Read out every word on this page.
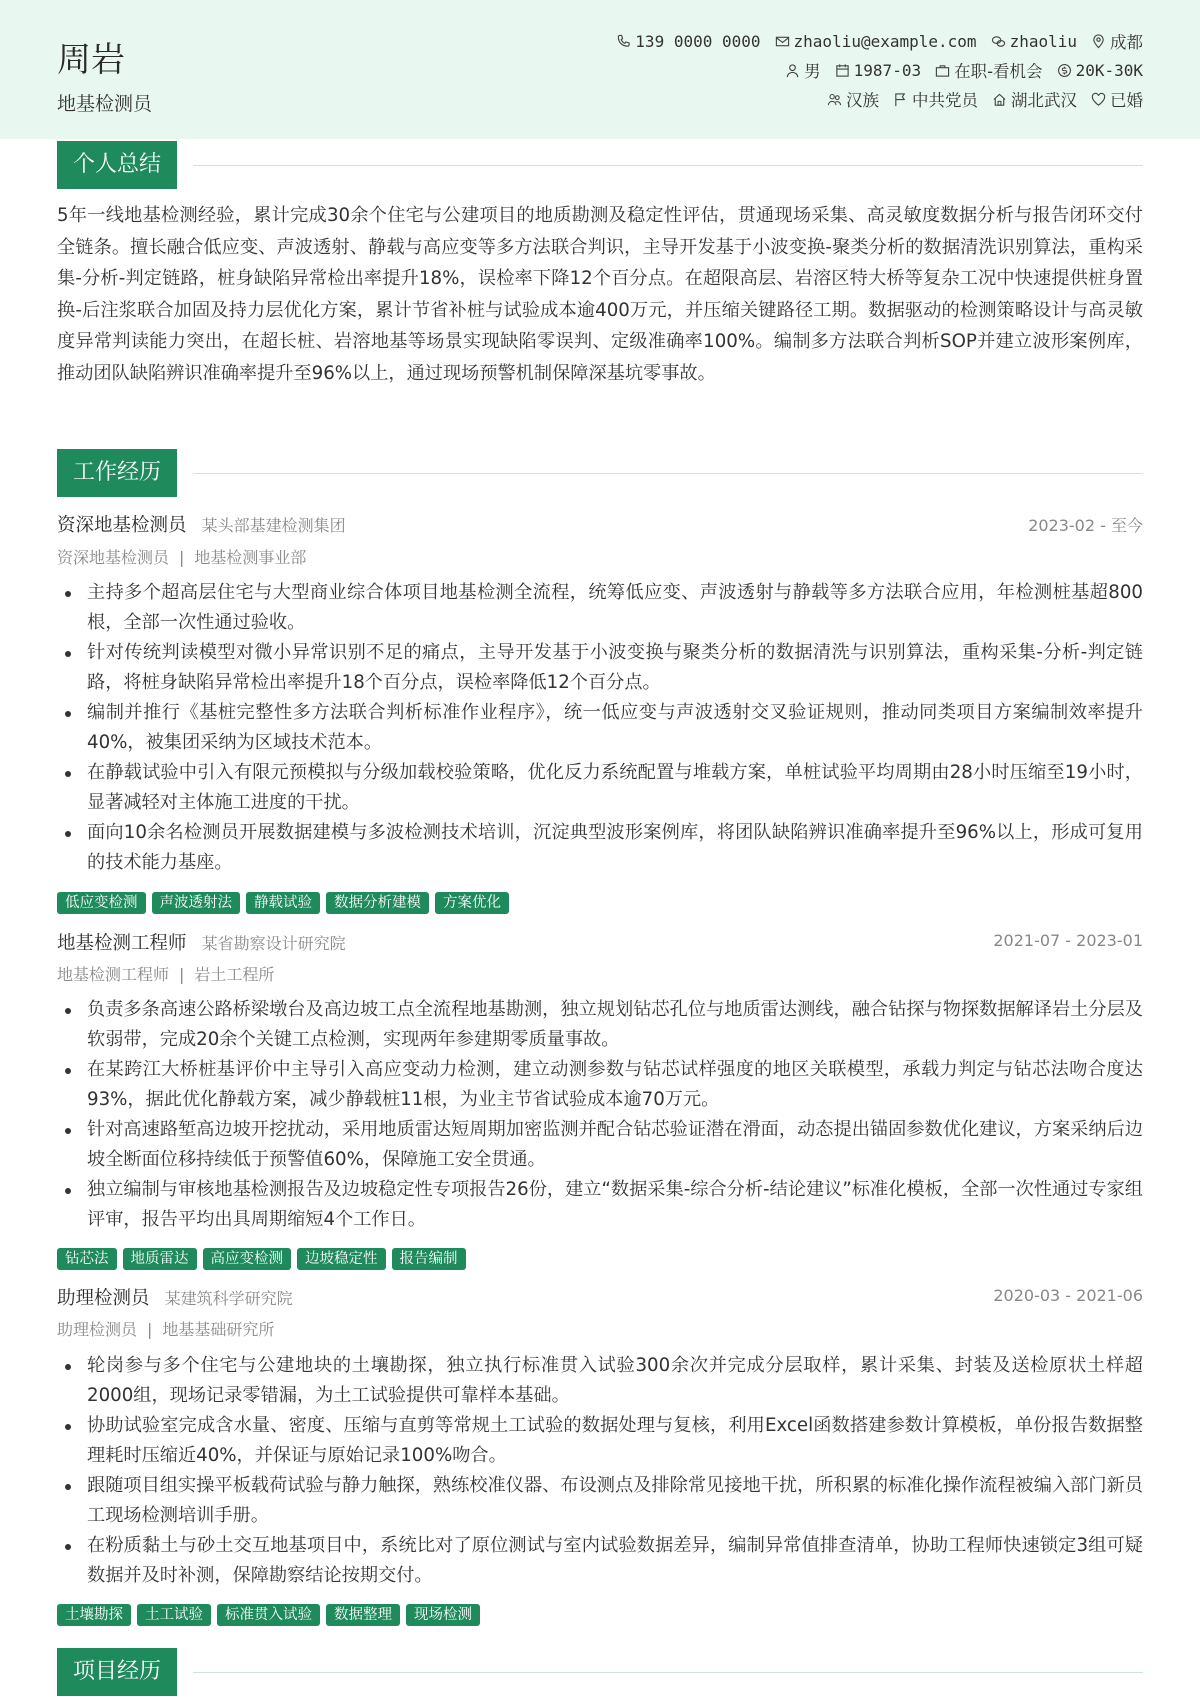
周岩
地基检测员
139 0000 0000 zhaoliu@example.com zhaoliu 成都
男 1987-03 在职-看机会 20K-30K
汉族 中共党员 湖北武汉 已婚
个人总结
5年一线地基检测经验，累计完成30余个住宅与公建项目的地质勘测及稳定性评估，贯通现场采集、高灵敏度数据分析与报告闭环交付全链条。擅长融合低应变、声波透射、静载与高应变等多方法联合判识，主导开发基于小波变换-聚类分析的数据清洗识别算法，重构采集-分析-判定链路，桩身缺陷异常检出率提升18%，误检率下降12个百分点。在超限高层、岩溶区特大桥等复杂工况中快速提供桩身置换-后注浆联合加固及持力层优化方案，累计节省补桩与试验成本逾400万元，并压缩关键路径工期。数据驱动的检测策略设计与高灵敏度异常判读能力突出，在超长桩、岩溶地基等场景实现缺陷零误判、定级准确率100%。编制多方法联合判析SOP并建立波形案例库，推动团队缺陷辨识准确率提升至96%以上，通过现场预警机制保障深基坑零事故。
工作经历
资深地基检测员 某头部基建检测集团	2023-02 - 至今
资深地基检测员 | 地基检测事业部
主持多个超高层住宅与大型商业综合体项目地基检测全流程，统筹低应变、声波透射与静载等多方法联合应用，年检测桩基超800根，全部一次性通过验收。
针对传统判读模型对微小异常识别不足的痛点，主导开发基于小波变换与聚类分析的数据清洗与识别算法，重构采集-分析-判定链路，将桩身缺陷异常检出率提升18个百分点，误检率降低12个百分点。
编制并推行《基桩完整性多方法联合判析标准作业程序》，统一低应变与声波透射交叉验证规则，推动同类项目方案编制效率提升40%，被集团采纳为区域技术范本。
在静载试验中引入有限元预模拟与分级加载校验策略，优化反力系统配置与堆载方案，单桩试验平均周期由28小时压缩至19小时，显著减轻对主体施工进度的干扰。
面向10余名检测员开展数据建模与多波检测技术培训，沉淀典型波形案例库，将团队缺陷辨识准确率提升至96%以上，形成可复用的技术能力基座。
低应变检测	声波透射法	静载试验	数据分析建模	方案优化
地基检测工程师 某省勘察设计研究院	2021-07 - 2023-01
地基检测工程师 | 岩土工程所
负责多条高速公路桥梁墩台及高边坡工点全流程地基勘测，独立规划钻芯孔位与地质雷达测线，融合钻探与物探数据解译岩土分层及软弱带，完成20余个关键工点检测，实现两年参建期零质量事故。
在某跨江大桥桩基评价中主导引入高应变动力检测，建立动测参数与钻芯试样强度的地区关联模型，承载力判定与钻芯法吻合度达93%，据此优化静载方案，减少静载桩11根，为业主节省试验成本逾70万元。
针对高速路堑高边坡开挖扰动，采用地质雷达短周期加密监测并配合钻芯验证潜在滑面，动态提出锚固参数优化建议，方案采纳后边坡全断面位移持续低于预警值60%，保障施工安全贯通。
独立编制与审核地基检测报告及边坡稳定性专项报告26份，建立“数据采集-综合分析-结论建议”标准化模板，全部一次性通过专家组评审，报告平均出具周期缩短4个工作日。
钻芯法	地质雷达	高应变检测	边坡稳定性	报告编制
助理检测员 某建筑科学研究院	2020-03 - 2021-06
助理检测员 | 地基基础研究所
轮岗参与多个住宅与公建地块的土壤勘探，独立执行标准贯入试验300余次并完成分层取样，累计采集、封装及送检原状土样超2000组，现场记录零错漏，为土工试验提供可靠样本基础。
协助试验室完成含水量、密度、压缩与直剪等常规土工试验的数据处理与复核，利用Excel函数搭建参数计算模板，单份报告数据整理耗时压缩近40%，并保证与原始记录100%吻合。
跟随项目组实操平板载荷试验与静力触探，熟练校准仪器、布设测点及排除常见接地干扰，所积累的标准化操作流程被编入部门新员工现场检测培训手册。
在粉质黏土与砂土交互地基项目中，系统比对了原位测试与室内试验数据差异，编制异常值排查清单，协助工程师快速锁定3组可疑数据并及时补测，保障勘察结论按期交付。
土壤勘探	土工试验	标准贯入试验	数据整理	现场检测
项目经历
